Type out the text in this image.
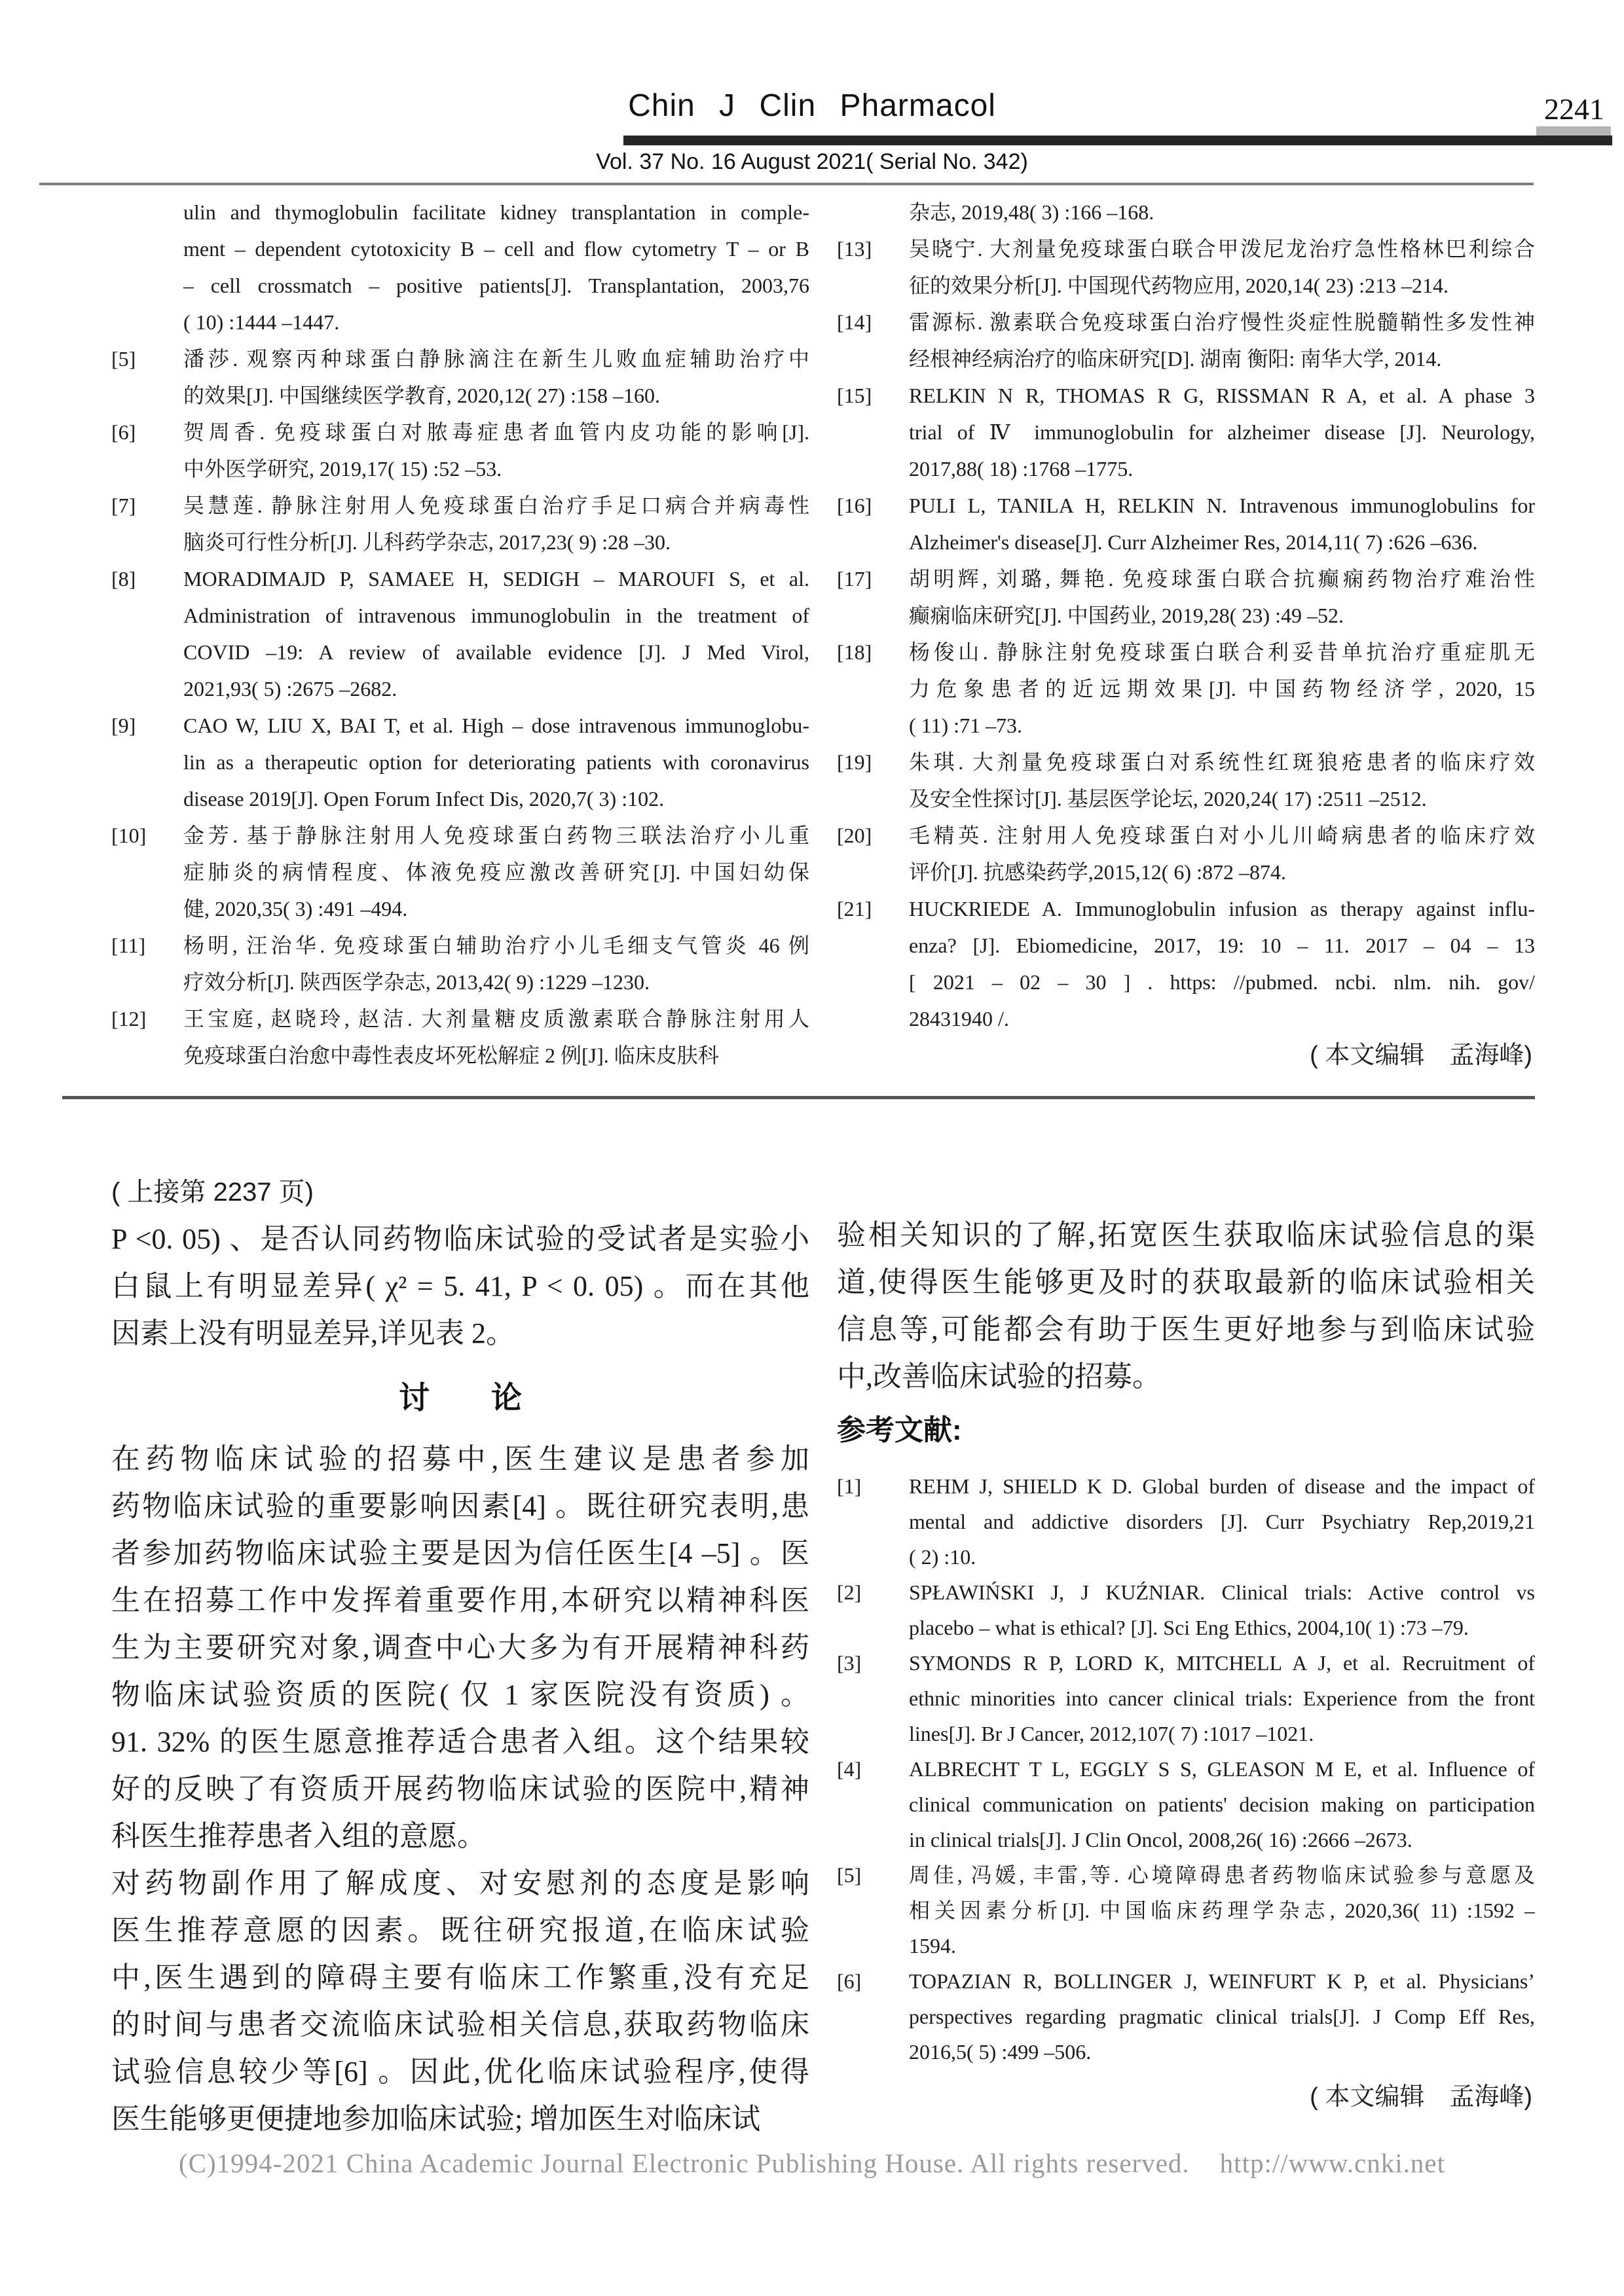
Chin J Clin Pharmacol	2241
Vol. 37 No. 16 August 2021( Serial No. 342)
ulin and thymoglobulin facilitate kidney transplantation in comple-
ment – dependent cytotoxicity B – cell and flow cytometry T – or B
– cell crossmatch – positive patients[J]. Transplantation, 2003,76
( 10) :1444 –1447.
[5]	潘莎. 观察丙种球蛋白静脉滴注在新生儿败血症辅助治疗中
的效果[J]. 中国继续医学教育, 2020,12( 27) :158 –160.
[6]	贺周香. 免疫球蛋白对脓毒症患者血管内皮功能的影响[J].
中外医学研究, 2019,17( 15) :52 –53.
[7]	吴慧莲. 静脉注射用人免疫球蛋白治疗手足口病合并病毒性
脑炎可行性分析[J]. 儿科药学杂志, 2017,23( 9) :28 –30.
[8]	MORADIMAJD P, SAMAEE H, SEDIGH – MAROUFI S, et al.
Administration of intravenous immunoglobulin in the treatment of
COVID –19: A review of available evidence [J]. J Med Virol,
2021,93( 5) :2675 –2682.
[9]	CAO W, LIU X, BAI T, et al. High – dose intravenous immunoglobu-
lin as a therapeutic option for deteriorating patients with coronavirus
disease 2019[J]. Open Forum Infect Dis, 2020,7( 3) :102.
[10]	金芳. 基于静脉注射用人免疫球蛋白药物三联法治疗小儿重
症肺炎的病情程度、体液免疫应激改善研究[J]. 中国妇幼保
健, 2020,35( 3) :491 –494.
[11]	杨明, 汪治华. 免疫球蛋白辅助治疗小儿毛细支气管炎 46 例
疗效分析[J]. 陕西医学杂志, 2013,42( 9) :1229 –1230.
[12]	王宝庭, 赵晓玲, 赵洁. 大剂量糖皮质激素联合静脉注射用人
免疫球蛋白治愈中毒性表皮坏死松解症 2 例[J]. 临床皮肤科
杂志, 2019,48( 3) :166 –168.
[13]	吴晓宁. 大剂量免疫球蛋白联合甲泼尼龙治疗急性格林巴利综合
征的效果分析[J]. 中国现代药物应用, 2020,14( 23) :213 –214.
[14]	雷源标. 激素联合免疫球蛋白治疗慢性炎症性脱髓鞘性多发性神
经根神经病治疗的临床研究[D]. 湖南 衡阳: 南华大学, 2014.
[15]	RELKIN N R, THOMAS R G, RISSMAN R A, et al. A phase 3
trial of Ⅳ immunoglobulin for alzheimer disease [J]. Neurology,
2017,88( 18) :1768 –1775.
[16]	PULI L, TANILA H, RELKIN N. Intravenous immunoglobulins for
Alzheimer's disease[J]. Curr Alzheimer Res, 2014,11( 7) :626 –636.
[17]	胡明辉, 刘璐, 舞艳. 免疫球蛋白联合抗癫痫药物治疗难治性
癫痫临床研究[J]. 中国药业, 2019,28( 23) :49 –52.
[18]	杨俊山. 静脉注射免疫球蛋白联合利妥昔单抗治疗重症肌无
力危象患者的近远期效果[J]. 中国药物经济学, 2020, 15
( 11) :71 –73.
[19]	朱琪. 大剂量免疫球蛋白对系统性红斑狼疮患者的临床疗效
及安全性探讨[J]. 基层医学论坛, 2020,24( 17) :2511 –2512.
[20]	毛精英. 注射用人免疫球蛋白对小儿川崎病患者的临床疗效
评价[J]. 抗感染药学,2015,12( 6) :872 –874.
[21]	HUCKRIEDE A. Immunoglobulin infusion as therapy against influ-
enza? [J]. Ebiomedicine, 2017, 19: 10 – 11. 2017 – 04 – 13
[ 2021 – 02 – 30 ] . https: //pubmed. ncbi. nlm. nih. gov/
28431940 /.
( 本文编辑　孟海峰)
( 上接第 2237 页)
P <0. 05) 、是否认同药物临床试验的受试者是实验小
白鼠上有明显差异( χ² = 5. 41, P < 0. 05) 。而在其他
因素上没有明显差异,详见表 2。
讨　　论
在药物临床试验的招募中,医生建议是患者参加
药物临床试验的重要影响因素[4] 。既往研究表明,患
者参加药物临床试验主要是因为信任医生[4 –5] 。医
生在招募工作中发挥着重要作用,本研究以精神科医
生为主要研究对象,调查中心大多为有开展精神科药
物临床试验资质的医院( 仅 1 家医院没有资质) 。
91. 32% 的医生愿意推荐适合患者入组。这个结果较
好的反映了有资质开展药物临床试验的医院中,精神
科医生推荐患者入组的意愿。
对药物副作用了解成度、对安慰剂的态度是影响
医生推荐意愿的因素。既往研究报道,在临床试验
中,医生遇到的障碍主要有临床工作繁重,没有充足
的时间与患者交流临床试验相关信息,获取药物临床
试验信息较少等[6] 。因此,优化临床试验程序,使得
医生能够更便捷地参加临床试验; 增加医生对临床试
验相关知识的了解,拓宽医生获取临床试验信息的渠
道,使得医生能够更及时的获取最新的临床试验相关
信息等,可能都会有助于医生更好地参与到临床试验
中,改善临床试验的招募。
参考文献:
[1]	REHM J, SHIELD K D. Global burden of disease and the impact of
mental and addictive disorders [J]. Curr Psychiatry Rep,2019,21
( 2) :10.
[2]	SPŁAWIŃSKI J, J KUŹNIAR. Clinical trials: Active control vs
placebo – what is ethical? [J]. Sci Eng Ethics, 2004,10( 1) :73 –79.
[3]	SYMONDS R P, LORD K, MITCHELL A J, et al. Recruitment of
ethnic minorities into cancer clinical trials: Experience from the front
lines[J]. Br J Cancer, 2012,107( 7) :1017 –1021.
[4]	ALBRECHT T L, EGGLY S S, GLEASON M E, et al. Influence of
clinical communication on patients' decision making on participation
in clinical trials[J]. J Clin Oncol, 2008,26( 16) :2666 –2673.
[5]	周佳, 冯媛, 丰雷,等. 心境障碍患者药物临床试验参与意愿及
相关因素分析[J]. 中国临床药理学杂志, 2020,36( 11) :1592 –
1594.
[6]	TOPAZIAN R, BOLLINGER J, WEINFURT K P, et al. Physicians’
perspectives regarding pragmatic clinical trials[J]. J Comp Eff Res,
2016,5( 5) :499 –506.
( 本文编辑　孟海峰)
(C)1994-2021 China Academic Journal Electronic Publishing House. All rights reserved. http://www.cnki.net
